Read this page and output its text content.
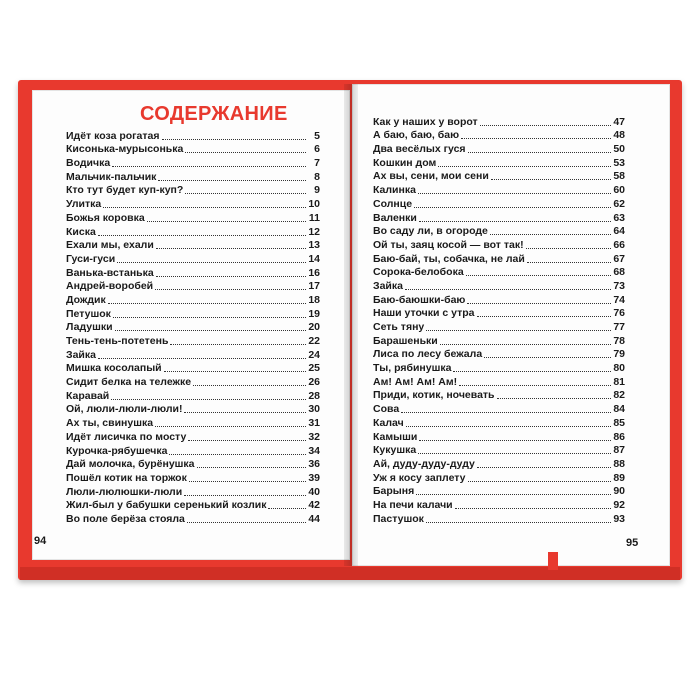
СОДЕРЖАНИЕ
Идёт коза рогатая	5
Кисонька-мурысонька	6
Водичка	7
Мальчик-пальчик	8
Кто тут будет куп-куп?	9
Улитка	10
Божья коровка	11
Киска	12
Ехали мы, ехали	13
Гуси-гуси	14
Ванька-встанька	16
Андрей-воробей	17
Дождик	18
Петушок	19
Ладушки	20
Тень-тень-потетень	22
Зайка	24
Мишка косолапый	25
Сидит белка на тележке	26
Каравай	28
Ой, люли-люли-люли!	30
Ах ты, свинушка	31
Идёт лисичка по мосту	32
Курочка-рябушечка	34
Дай молочка, бурёнушка	36
Пошёл котик на торжок	39
Люли-люлюшки-люли	40
Жил-был у бабушки серенький козлик	42
Во поле берёза стояла	44
Как у наших у ворот	47
А баю, баю, баю	48
Два весёлых гуся	50
Кошкин дом	53
Ах вы, сени, мои сени	58
Калинка	60
Солнце	62
Валенки	63
Во саду ли, в огороде	64
Ой ты, заяц косой — вот так!	66
Баю-бай, ты, собачка, не лай	67
Сорока-белобока	68
Зайка	73
Баю-баюшки-баю	74
Наши уточки с утра	76
Сеть тяну	77
Барашеньки	78
Лиса по лесу бежала	79
Ты, рябинушка	80
Ам! Ам! Ам! Ам!	81
Приди, котик, ночевать	82
Сова	84
Калач	85
Камыши	86
Кукушка	87
Ай, дуду-дуду-дуду	88
Уж я косу заплету	89
Барыня	90
На печи калачи	92
Пастушок	93
94	95
